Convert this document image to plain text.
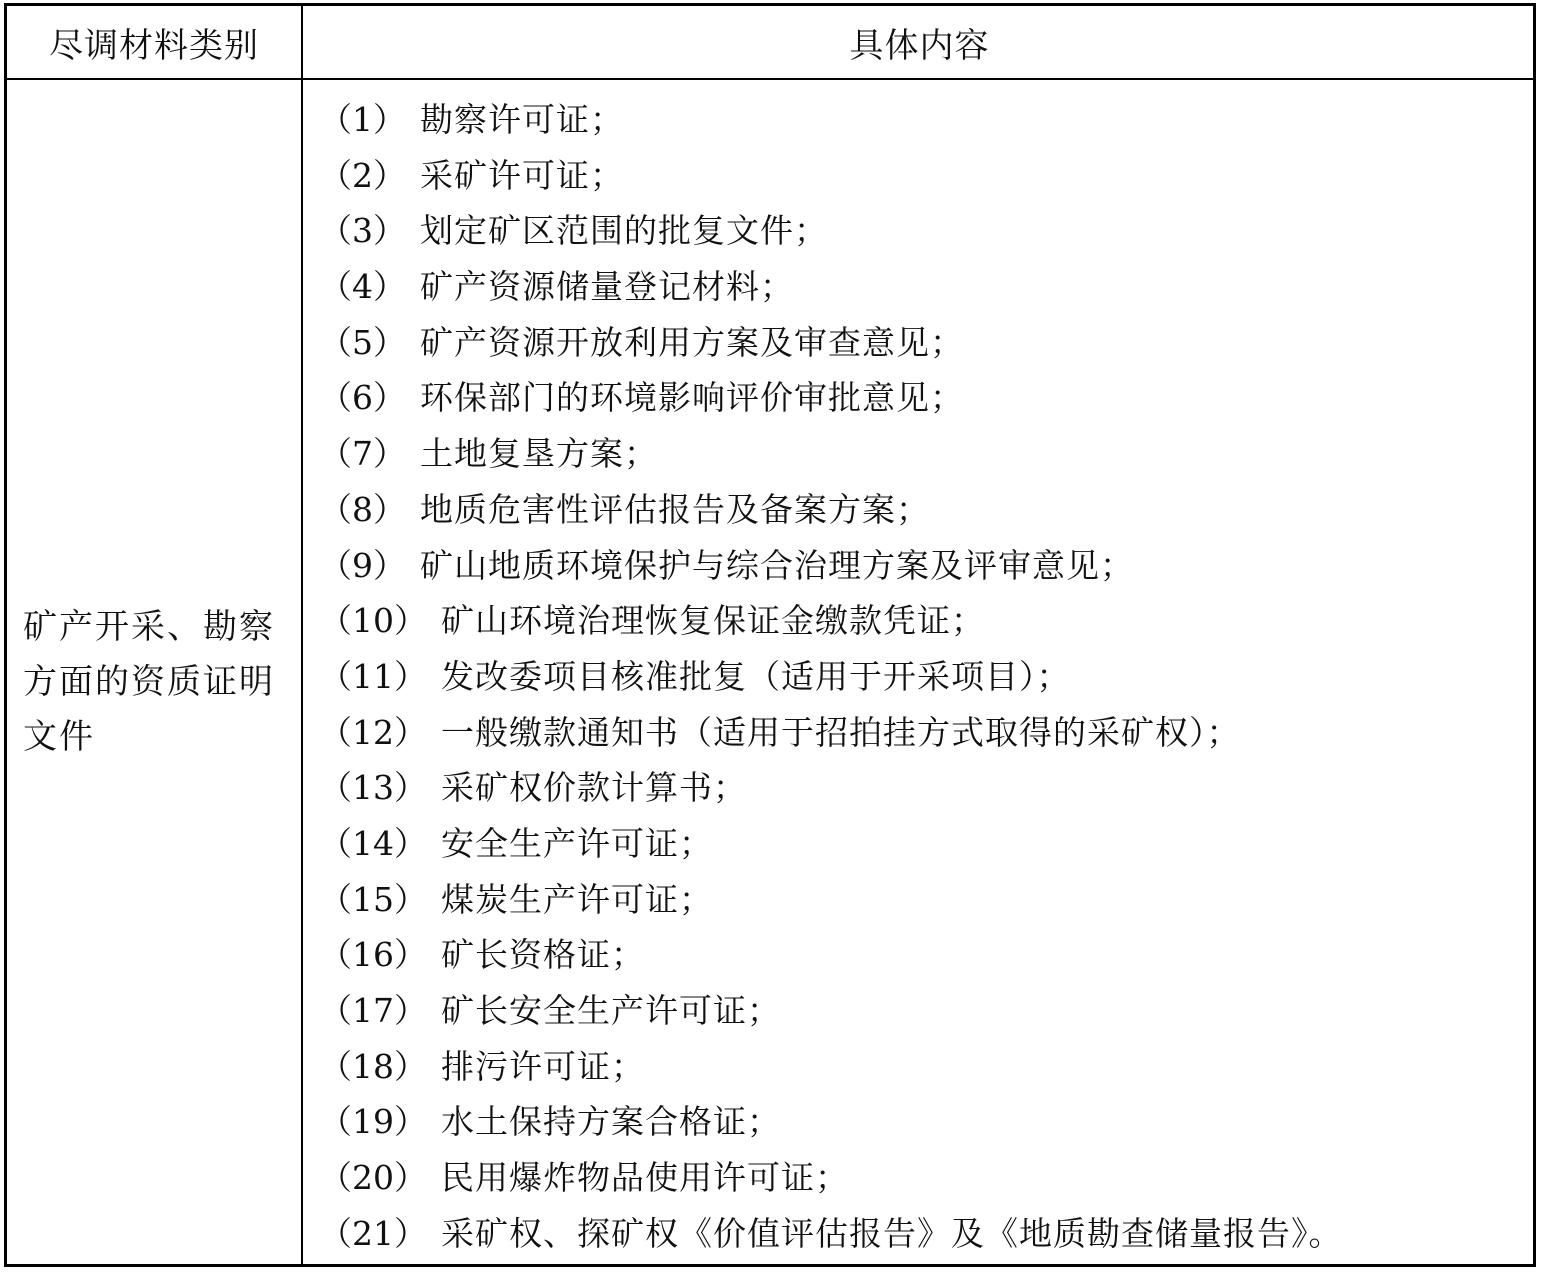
尽调材料类别	具体内容
矿产开采、勘察方面的资质证明文件
（1） 勘察许可证；
（2） 采矿许可证；
（3） 划定矿区范围的批复文件；
（4） 矿产资源储量登记材料；
（5） 矿产资源开放利用方案及审查意见；
（6） 环保部门的环境影响评价审批意见；
（7） 土地复垦方案；
（8） 地质危害性评估报告及备案方案；
（9） 矿山地质环境保护与综合治理方案及评审意见；
（10） 矿山环境治理恢复保证金缴款凭证；
（11） 发改委项目核准批复（适用于开采项目）；
（12） 一般缴款通知书（适用于招拍挂方式取得的采矿权）；
（13） 采矿权价款计算书；
（14） 安全生产许可证；
（15） 煤炭生产许可证；
（16） 矿长资格证；
（17） 矿长安全生产许可证；
（18） 排污许可证；
（19） 水土保持方案合格证；
（20） 民用爆炸物品使用许可证；
（21） 采矿权、探矿权《价值评估报告》及《地质勘查储量报告》。
